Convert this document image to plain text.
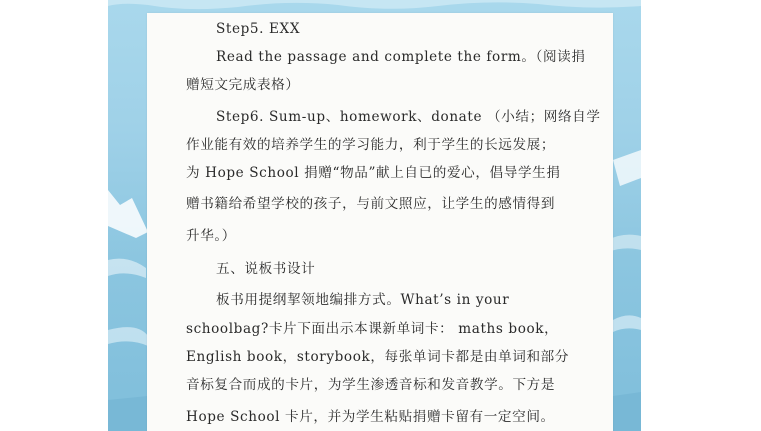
Step5. EXX
Read the passage and complete the form。（阅读捐
赠短文完成表格）
Step6. Sum-up、homework、donate （小结；网络自学
作业能有效的培养学生的学习能力，利于学生的长远发展；
为 Hope School 捐赠“物品”献上自已的爱心，倡导学生捐
赠书籍给希望学校的孩子，与前文照应，让学生的感情得到
升华。）
五、说板书设计
板书用提纲挈领地编排方式。What’s in your
schoolbag?卡片下面出示本课新单词卡： maths book，
English book，storybook，每张单词卡都是由单词和部分
音标复合而成的卡片，为学生渗透音标和发音教学。下方是
Hope School 卡片，并为学生粘贴捐赠卡留有一定空间。
